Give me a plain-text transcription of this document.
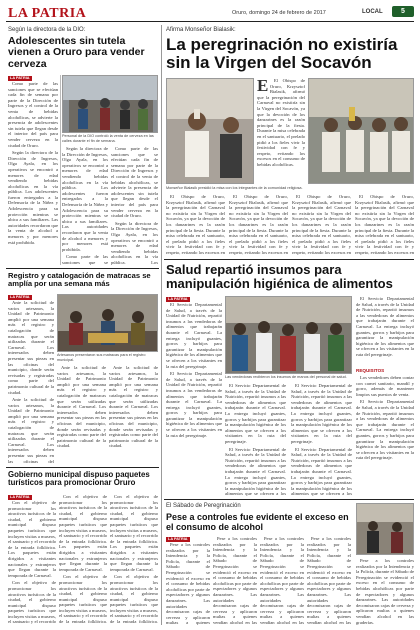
LA PATRIA	Oruro, domingo 24 de febrero de 2017	LOCAL	5
Según la directora de la DIO:
Adolescentes sin tutela vienen a Oruro para vender cerveza
LA PATRIA

Como parte de las sanciones que se efectúan cada fin de semana por parte de la Dirección de Ingresos y el control de la venta de bebidas alcohólicas, se advierte la presencia de adolescentes sin tutela que llegan desde el interior del país para vender cerveza en la ciudad de Oruro.

Según la directora de la Dirección de Ingresos, Olga Ayala, en los operativos se encontró a menores de edad vendiendo bebidas alcohólicas en la vía pública. Los adolescentes fueron entregados a la Defensoría de la Niñez y Adolescencia para su protección mientras se ubica a sus familiares. Las autoridades recordaron que la venta de alcohol a menores y por menores está prohibida.

Personal de la DIO controló la venta de cerveza en las calles durante el fin de semana.

Según la directora de la Dirección de Ingresos, Olga Ayala, en los operativos se encontró a menores de edad vendiendo bebidas alcohólicas en la vía pública. Los adolescentes fueron entregados a la Defensoría de la Niñez y Adolescencia para su protección mientras se ubica a sus familiares. Las autoridades recordaron que la venta de alcohol a menores y por menores está prohibida.

Como parte de las sanciones que se

Como parte de las sanciones que se efectúan cada fin de semana por parte de la Dirección de Ingresos y el control de la venta de bebidas alcohólicas, se advierte la presencia de adolescentes sin tutela que llegan desde el interior del país para vender cerveza en la ciudad de Oruro.

Según la directora de la Dirección de Ingresos, Olga Ayala, en los operativos se encontró a menores de edad vendiendo bebidas alcohólicas en la vía pública. Los

Registro y catalogación de matracas se amplía por una semana más
LA PATRIA

Ante la solicitud de varios artesanos, la Unidad de Patrimonio amplió por una semana más el registro y catalogación de matracas que serán utilizadas durante el Carnaval. Los interesados deben presentar sus piezas en las oficinas del municipio, donde serán revisadas y registradas como parte del patrimonio cultural de la ciudad.

Ante la solicitud de varios artesanos, la Unidad de Patrimonio amplió por una semana más el registro y catalogación de matracas que serán utilizadas durante el Carnaval. Los interesados deben presentar sus piezas en las oficinas del

Artesanos presentaron sus matracas para el registro municipal.

Ante la solicitud de varios artesanos, la Unidad de Patrimonio amplió por una semana más el registro y catalogación de matracas que serán utilizadas durante el Carnaval. Los interesados deben presentar sus piezas en las oficinas del municipio, donde serán revisadas y registradas como parte del patrimonio cultural de la ciudad.

Ante la solicitud de varios artesanos, la Unidad de Patrimonio amplió por una semana más el registro y catalogación de matracas que serán utilizadas durante el Carnaval. Los interesados deben presentar sus piezas en las oficinas del municipio, donde serán revisadas y registradas como parte del patrimonio cultural de la ciudad.

Gobierno municipal dispuso paquetes turísticos para promocionar Oruro
LA PATRIA

Con el objetivo de promocionar los atractivos turísticos de la ciudad, el gobierno municipal dispuso paquetes turísticos que incluyen visitas a museos, el santuario y el recorrido de la entrada folklórica. Los paquetes están dirigidos a visitantes nacionales y extranjeros que llegan durante la temporada de Carnaval.

Con el objetivo de promocionar los atractivos turísticos de la ciudad, el gobierno municipal dispuso paquetes turísticos que incluyen visitas a museos, el santuario y el recorrido

Con el objetivo de promocionar los atractivos turísticos de la ciudad, el gobierno municipal dispuso paquetes turísticos que incluyen visitas a museos, el santuario y el recorrido de la entrada folklórica. Los paquetes están dirigidos a visitantes nacionales y extranjeros que llegan durante la temporada de Carnaval.

Con el objetivo de promocionar los atractivos turísticos de la ciudad, el gobierno municipal dispuso paquetes turísticos que incluyen visitas a museos, el santuario y el recorrido de la entrada folklórica.

Con el objetivo de promocionar los atractivos turísticos de la ciudad, el gobierno municipal dispuso paquetes turísticos que incluyen visitas a museos, el santuario y el recorrido de la entrada folklórica. Los paquetes están dirigidos a visitantes nacionales y extranjeros que llegan durante la temporada de Carnaval.

Con el objetivo de promocionar los atractivos turísticos de la ciudad, el gobierno municipal dispuso paquetes turísticos que incluyen visitas a museos, el santuario y el recorrido de la entrada folklórica.

Afirma Monseñor Bialasik:
La peregrinación no existiría sin la Virgen del Socavón
E	El Obispo de Oruro, Krzysztof Bialasik, afirmó que la peregrinación del Carnaval no existiría sin la Virgen del Socavón, ya que la devoción de los danzarines es la razón principal de la fiesta. Durante la misa celebrada en el santuario, el prelado pidió a los fieles vivir la festividad con fe y respeto, evitando los excesos en el consumo de bebidas alcohólicas.

Monseñor Bialasik presidió la misa con los integrantes de la comunidad religiosa.

El Obispo de Oruro, Krzysztof Bialasik, afirmó que la peregrinación del Carnaval no existiría sin la Virgen del Socavón, ya que la devoción de los danzarines es la razón principal de la fiesta. Durante la misa celebrada en el santuario, el prelado pidió a los fieles vivir la festividad con fe y respeto, evitando los excesos en

El Obispo de Oruro, Krzysztof Bialasik, afirmó que la peregrinación del Carnaval no existiría sin la Virgen del Socavón, ya que la devoción de los danzarines es la razón principal de la fiesta. Durante la misa celebrada en el santuario, el prelado pidió a los fieles vivir la festividad con fe y respeto, evitando los excesos en

El Obispo de Oruro, Krzysztof Bialasik, afirmó que la peregrinación del Carnaval no existiría sin la Virgen del Socavón, ya que la devoción de los danzarines es la razón principal de la fiesta. Durante la misa celebrada en el santuario, el prelado pidió a los fieles vivir la festividad con fe y respeto, evitando los excesos en

El Obispo de Oruro, Krzysztof Bialasik, afirmó que la peregrinación del Carnaval no existiría sin la Virgen del Socavón, ya que la devoción de los danzarines es la razón principal de la fiesta. Durante la misa celebrada en el santuario, el prelado pidió a los fieles vivir la festividad con fe y respeto, evitando los excesos en

Salud repartió insumos para manipulación higiénica de alimentos
LA PATRIA

El Servicio Departamental de Salud, a través de la Unidad de Nutrición, repartió insumos a las vendedoras de alimentos que trabajarán durante el Carnaval. La entrega incluyó guantes, gorros y barbijos para garantizar la manipulación higiénica de los alimentos que se ofrecen a los visitantes en la ruta del peregrinaje.

El Servicio Departamental de Salud, a través de la Unidad de Nutrición, repartió insumos a las vendedoras de alimentos que trabajarán durante el Carnaval. La entrega incluyó guantes, gorros y barbijos para garantizar la manipulación higiénica de los alimentos que se ofrecen a los visitantes en la ruta del peregrinaje.

Las vendedoras recibieron los insumos de manos del personal de salud.

El Servicio Departamental de Salud, a través de la Unidad de Nutrición, repartió insumos a las vendedoras de alimentos que trabajarán durante el Carnaval. La entrega incluyó guantes, gorros y barbijos para garantizar la manipulación higiénica de los alimentos que se ofrecen a los visitantes en la ruta del peregrinaje.

El Servicio Departamental de Salud, a través de la Unidad de Nutrición, repartió insumos a las vendedoras de alimentos que trabajarán durante el Carnaval. La entrega incluyó guantes, gorros y barbijos para garantizar la manipulación higiénica de los alimentos que se ofrecen a los

El Servicio Departamental de Salud, a través de la Unidad de Nutrición, repartió insumos a las vendedoras de alimentos que trabajarán durante el Carnaval. La entrega incluyó guantes, gorros y barbijos para garantizar la manipulación higiénica de los alimentos que se ofrecen a los visitantes en la ruta del peregrinaje.

El Servicio Departamental de Salud, a través de la Unidad de Nutrición, repartió insumos a las vendedoras de alimentos que trabajarán durante el Carnaval. La entrega incluyó guantes, gorros y barbijos para garantizar la manipulación higiénica de los alimentos que se ofrecen a los

El Servicio Departamental de Salud, a través de la Unidad de Nutrición, repartió insumos a las vendedoras de alimentos que trabajarán durante el Carnaval. La entrega incluyó guantes, gorros y barbijos para garantizar la manipulación higiénica de los alimentos que se ofrecen a los visitantes en la ruta del peregrinaje.

REQUISITOS

Los vendedores deben contar con carnet sanitario, mandil y gorro, además de mantener limpios sus puestos de venta.

El Servicio Departamental de Salud, a través de la Unidad de Nutrición, repartió insumos a las vendedoras de alimentos que trabajarán durante el Carnaval. La entrega incluyó guantes, gorros y barbijos para garantizar la manipulación higiénica de los alimentos que se ofrecen a los visitantes en la ruta del peregrinaje.

El Sábado de Peregrinación
Pese a controles fue evidente el exceso en el consumo de alcohol
LA PATRIA

Pese a los controles realizados por la Intendencia y la Policía, durante el Sábado de Peregrinación se evidenció el exceso en el consumo de bebidas alcohólicas por parte de espectadores y algunos danzarines. Las autoridades decomisaron cajas de cerveza y aplicaron multas a quienes

Pese a los controles realizados por la Intendencia y la Policía, durante el Sábado de Peregrinación se evidenció el exceso en el consumo de bebidas alcohólicas por parte de espectadores y algunos danzarines. Las autoridades decomisaron cajas de cerveza y aplicaron multas a quienes vendían alcohol en las

Pese a los controles realizados por la Intendencia y la Policía, durante el Sábado de Peregrinación se evidenció el exceso en el consumo de bebidas alcohólicas por parte de espectadores y algunos danzarines. Las autoridades decomisaron cajas de cerveza y aplicaron multas a quienes vendían alcohol en las

Pese a los controles realizados por la Intendencia y la Policía, durante el Sábado de Peregrinación se evidenció el exceso en el consumo de bebidas alcohólicas por parte de espectadores y algunos danzarines. Las autoridades decomisaron cajas de cerveza y aplicaron multas a quienes vendían alcohol en las

Pese a los controles realizados por la Intendencia y la Policía, durante el Sábado de Peregrinación se evidenció el exceso en el consumo de bebidas alcohólicas por parte de espectadores y algunos danzarines. Las autoridades decomisaron cajas de cerveza y aplicaron multas a quienes vendían alcohol en las graderías.
